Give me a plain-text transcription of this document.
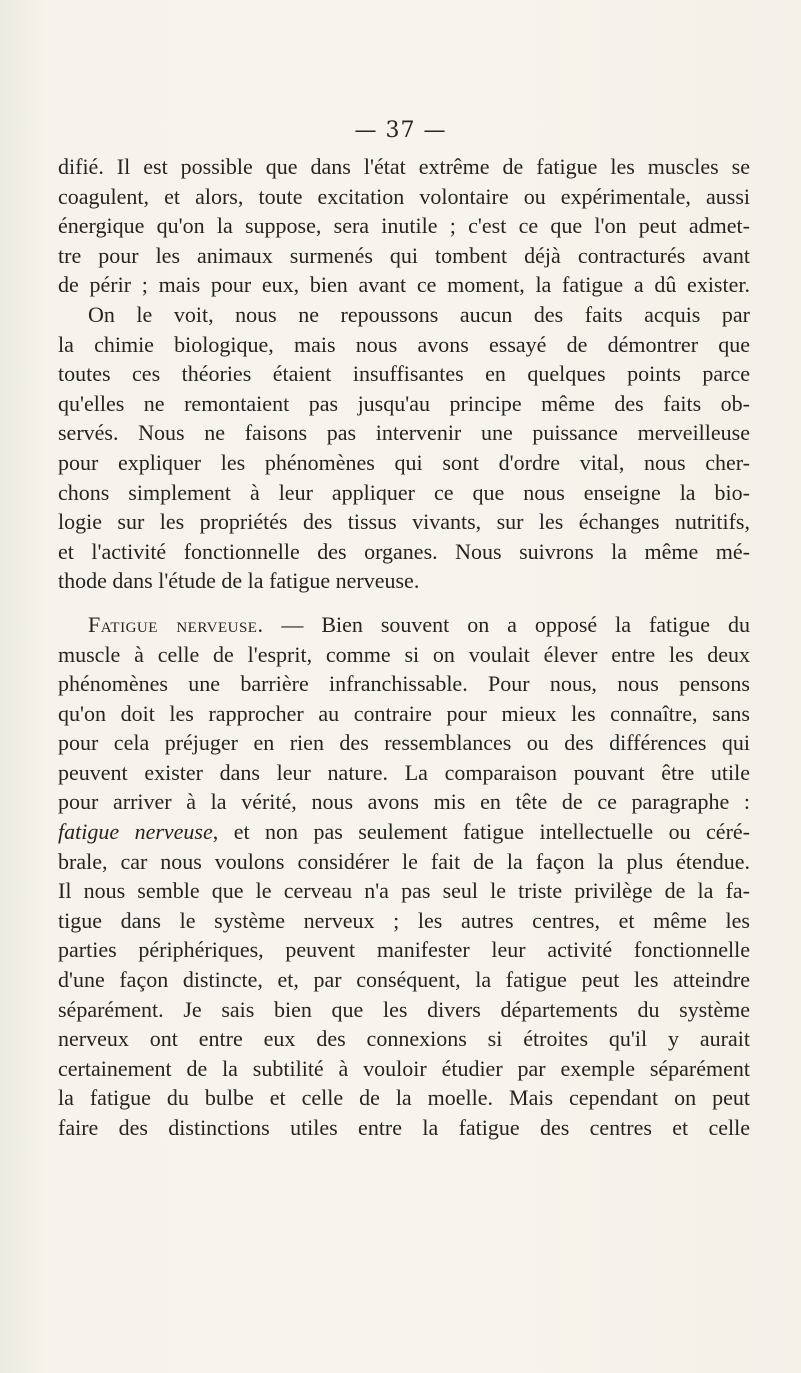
— 37 —
difié. Il est possible que dans l'état extrême de fatigue les muscles se
coagulent, et alors, toute excitation volontaire ou expérimentale, aussi
énergique qu'on la suppose, sera inutile ; c'est ce que l'on peut admet-
tre pour les animaux surmenés qui tombent déjà contracturés avant
de périr ; mais pour eux, bien avant ce moment, la fatigue a dû exister.
On le voit, nous ne repoussons aucun des faits acquis par
la chimie biologique, mais nous avons essayé de démontrer que
toutes ces théories étaient insuffisantes en quelques points parce
qu'elles ne remontaient pas jusqu'au principe même des faits ob-
servés. Nous ne faisons pas intervenir une puissance merveilleuse
pour expliquer les phénomènes qui sont d'ordre vital, nous cher-
chons simplement à leur appliquer ce que nous enseigne la bio-
logie sur les propriétés des tissus vivants, sur les échanges nutritifs,
et l'activité fonctionnelle des organes. Nous suivrons la même mé-
thode dans l'étude de la fatigue nerveuse.
Fatigue nerveuse. — Bien souvent on a opposé la fatigue du
muscle à celle de l'esprit, comme si on voulait élever entre les deux
phénomènes une barrière infranchissable. Pour nous, nous pensons
qu'on doit les rapprocher au contraire pour mieux les connaître, sans
pour cela préjuger en rien des ressemblances ou des différences qui
peuvent exister dans leur nature. La comparaison pouvant être utile
pour arriver à la vérité, nous avons mis en tête de ce paragraphe :
fatigue nerveuse, et non pas seulement fatigue intellectuelle ou céré-
brale, car nous voulons considérer le fait de la façon la plus étendue.
Il nous semble que le cerveau n'a pas seul le triste privilège de la fa-
tigue dans le système nerveux ; les autres centres, et même les
parties périphériques, peuvent manifester leur activité fonctionnelle
d'une façon distincte, et, par conséquent, la fatigue peut les atteindre
séparément. Je sais bien que les divers départements du système
nerveux ont entre eux des connexions si étroites qu'il y aurait
certainement de la subtilité à vouloir étudier par exemple séparément
la fatigue du bulbe et celle de la moelle. Mais cependant on peut
faire des distinctions utiles entre la fatigue des centres et celle
